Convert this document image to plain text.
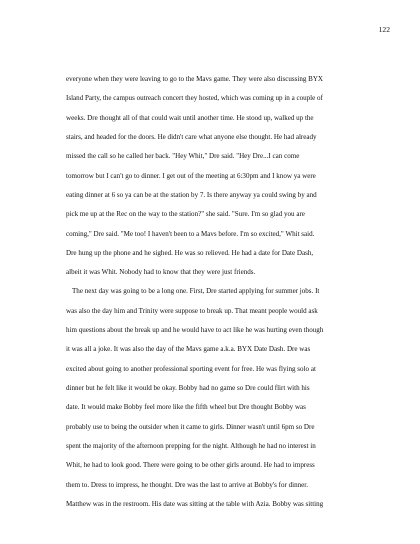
122
everyone when they were leaving to go to the Mavs game. They were also discussing BYX
Island Party, the campus outreach concert they hosted, which was coming up in a couple of
weeks. Dre thought all of that could wait until another time. He stood up, walked up the
stairs, and headed for the doors. He didn't care what anyone else thought. He had already
missed the call so he called her back. "Hey Whit," Dre said. "Hey Dre...I can come
tomorrow but I can't go to dinner. I get out of the meeting at 6:30pm and I know ya were
eating dinner at 6 so ya can be at the station by 7. Is there anyway ya could swing by and
pick me up at the Rec on the way to the station?" she said. "Sure. I'm so glad you are
coming," Dre said. "Me too! I haven't been to a Mavs before. I'm so excited," Whit said.
Dre hung up the phone and he sighed. He was so relieved. He had a date for Date Dash,
albeit it was Whit. Nobody had to know that they were just friends.
The next day was going to be a long one. First, Dre started applying for summer jobs. It
was also the day him and Trinity were suppose to break up. That meant people would ask
him questions about the break up and he would have to act like he was hurting even though
it was all a joke. It was also the day of the Mavs game a.k.a. BYX Date Dash. Dre was
excited about going to another professional sporting event for free. He was flying solo at
dinner but he felt like it would be okay. Bobby had no game so Dre could flirt with his
date. It would make Bobby feel more like the fifth wheel but Dre thought Bobby was
probably use to being the outsider when it came to girls. Dinner wasn't until 6pm so Dre
spent the majority of the afternoon prepping for the night. Although he had no interest in
Whit, he had to look good. There were going to be other girls around. He had to impress
them to. Dress to impress, he thought. Dre was the last to arrive at Bobby's for dinner.
Matthew was in the restroom. His date was sitting at the table with Azia. Bobby was sitting
